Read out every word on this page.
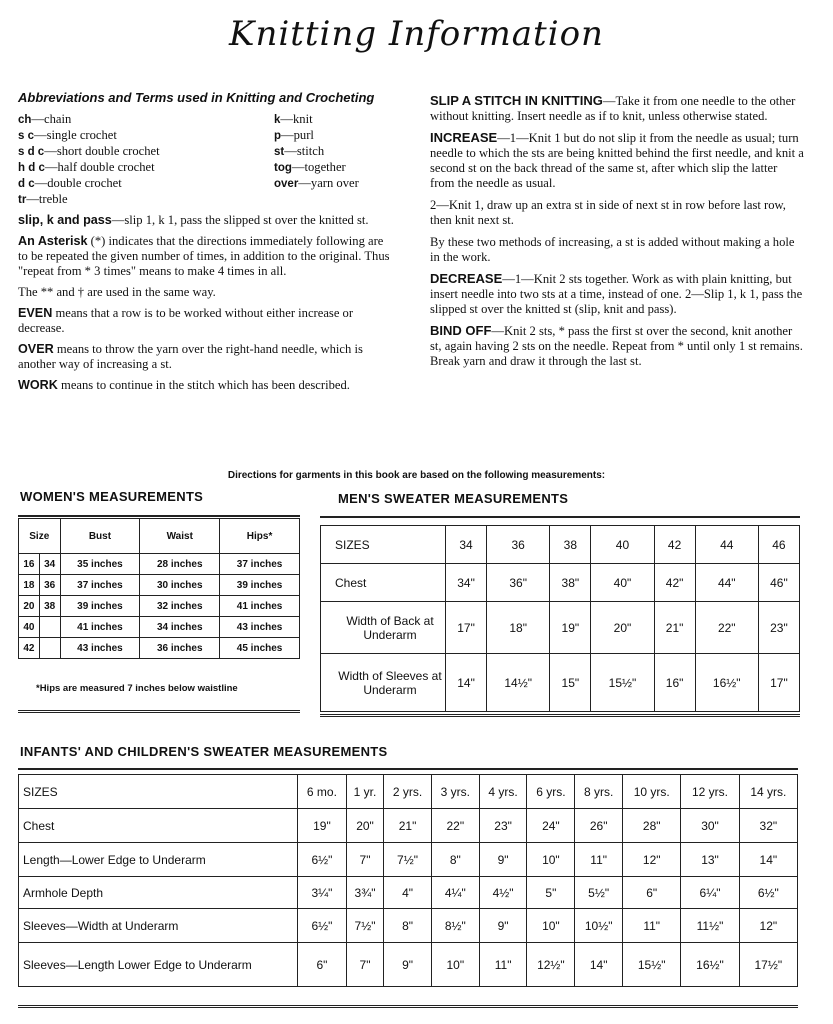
Knitting Information
Abbreviations and Terms used in Knitting and Crocheting
ch—chain	k—knit
s c—single crochet	p—purl
s d c—short double crochet	st—stitch
h d c—half double crochet	tog—together
d c—double crochet	over—yarn over
tr—treble

slip, k and pass—slip 1, k 1, pass the slipped st over the knitted st.

An Asterisk (*) indicates that the directions immediately following are to be repeated the given number of times, in addition to the original. Thus "repeat from * 3 times" means to make 4 times in all.

The ** and † are used in the same way.

EVEN means that a row is to be worked without either increase or decrease.

OVER means to throw the yarn over the right-hand needle, which is another way of increasing a st.

WORK means to continue in the stitch which has been described.

SLIP A STITCH IN KNITTING—Take it from one needle to the other without knitting. Insert needle as if to knit, unless otherwise stated.

INCREASE—1—Knit 1 but do not slip it from the needle as usual; turn needle to which the sts are being knitted behind the first needle, and knit a second st on the back thread of the same st, after which slip the latter from the needle as usual.

2—Knit 1, draw up an extra st in side of next st in row before last row, then knit next st.

By these two methods of increasing, a st is added without making a hole in the work.

DECREASE—1—Knit 2 sts together. Work as with plain knitting, but insert needle into two sts at a time, instead of one. 2—Slip 1, k 1, pass the slipped st over the knitted st (slip, knit and pass).

BIND OFF—Knit 2 sts, * pass the first st over the second, knit another st, again having 2 sts on the needle. Repeat from * until only 1 st remains. Break yarn and draw it through the last st.

Directions for garments in this book are based on the following measurements:
WOMEN'S MEASUREMENTS
Size		Bust	Waist	Hips*
16	34	35 inches	28 inches	37 inches
18	36	37 inches	30 inches	39 inches
20	38	39 inches	32 inches	41 inches
40		41 inches	34 inches	43 inches
42		43 inches	36 inches	45 inches
*Hips are measured 7 inches below waistline
MEN'S SWEATER MEASUREMENTS
SIZES	34	36	38	40	42	44	46
Chest	34"	36"	38"	40"	42"	44"	46"
Width of Back at Underarm	17"	18"	19"	20"	21"	22"	23"
Width of Sleeves at Underarm	14"	14½"	15"	15½"	16"	16½"	17"
INFANTS' AND CHILDREN'S SWEATER MEASUREMENTS
SIZES	6 mo.	1 yr.	2 yrs.	3 yrs.	4 yrs.	6 yrs.	8 yrs.	10 yrs.	12 yrs.	14 yrs.
Chest	19"	20"	21"	22"	23"	24"	26"	28"	30"	32"
Length—Lower Edge to Underarm	6½"	7"	7½"	8"	9"	10"	11"	12"	13"	14"
Armhole Depth	3¼"	3¾"	4"	4¼"	4½"	5"	5½"	6"	6¼"	6½"
Sleeves—Width at Underarm	6½"	7½"	8"	8½"	9"	10"	10½"	11"	11½"	12"
Sleeves—Length Lower Edge to Underarm	6"	7"	9"	10"	11"	12½"	14"	15½"	16½"	17½"
